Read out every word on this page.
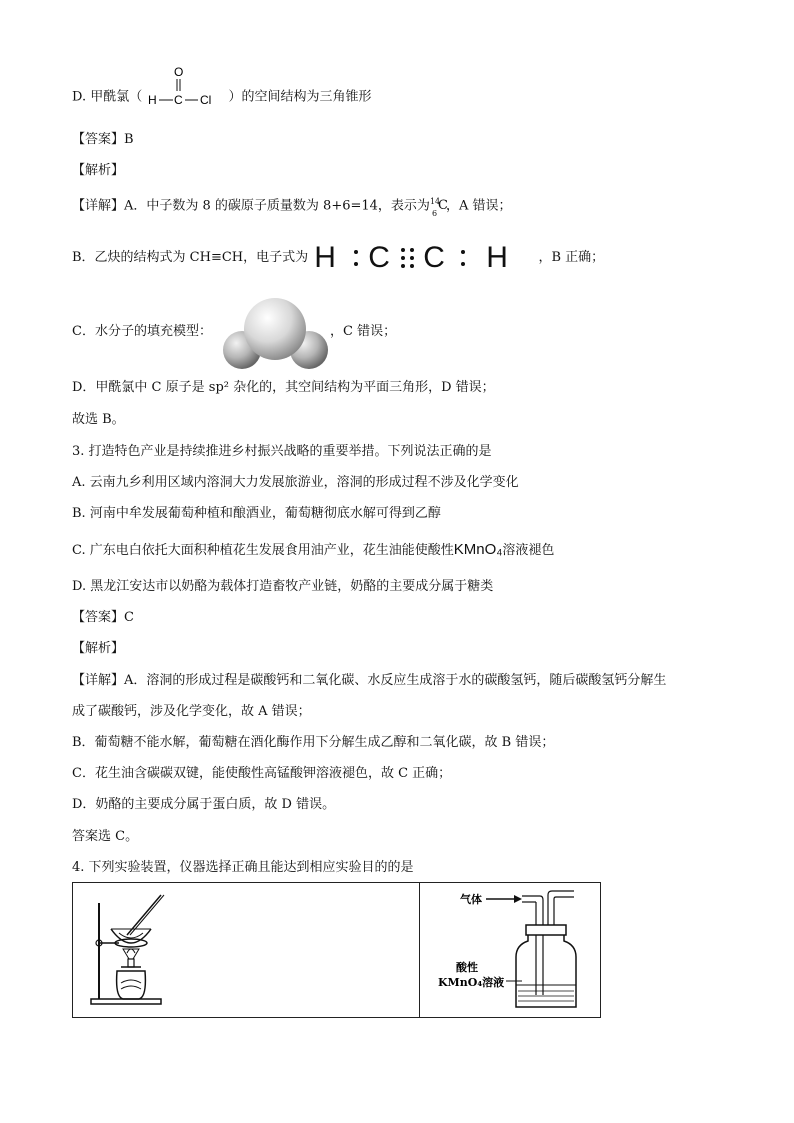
D. 甲酰氯（
O
H C Cl ）的空间结构为三角锥形
【答案】B
【解析】
【详解】A．中子数为 8 的碳原子质量数为 8+6=14，表示为 14
6
C
，A 错误；
B．乙炔的结构式为 CH≡CH，电子式为 H C C H ，B 正确；
C．水分子的填充模型：	，C 错误；
D．甲酰氯中 C 原子是 sp² 杂化的，其空间结构为平面三角形，D 错误；
故选 B。
3. 打造特色产业是持续推进乡村振兴战略的重要举措。下列说法正确的是
A. 云南九乡利用区域内溶洞大力发展旅游业，溶洞的形成过程不涉及化学变化
B. 河南中牟发展葡萄种植和酿酒业，葡萄糖彻底水解可得到乙醇
C. 广东电白依托大面积种植花生发展食用油产业，花生油能使酸性KMnO₄溶液褪色
D. 黑龙江安达市以奶酪为载体打造畜牧产业链，奶酪的主要成分属于糖类
【答案】C
【解析】
【详解】A．溶洞的形成过程是碳酸钙和二氧化碳、水反应生成溶于水的碳酸氢钙，随后碳酸氢钙分解生
成了碳酸钙，涉及化学变化，故 A 错误；
B．葡萄糖不能水解，葡萄糖在酒化酶作用下分解生成乙醇和二氧化碳，故 B 错误；
C．花生油含碳碳双键，能使酸性高锰酸钾溶液褪色，故 C 正确；
D．奶酪的主要成分属于蛋白质，故 D 错误。
答案选 C。
4. 下列实验装置，仪器选择正确且能达到相应实验目的的是

气体
酸性
KMnO₄溶液
